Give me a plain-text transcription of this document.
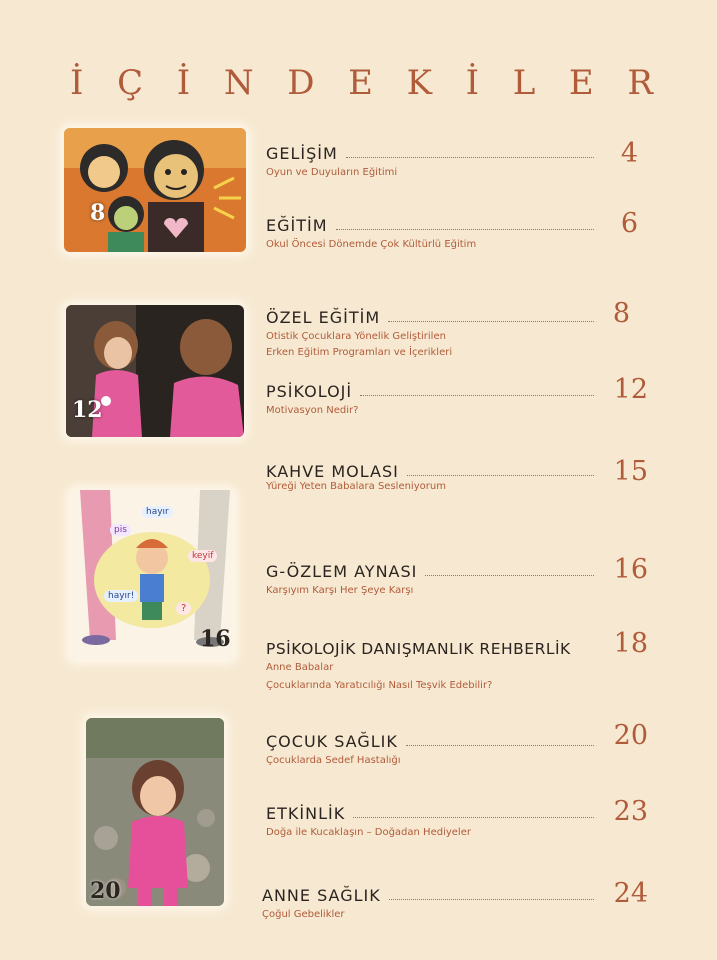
İ Ç İ N D E K İ L E R
8
12
hayır
pis
keyif
hayır!
?
16
20
GELİŞİM
Oyun ve Duyuların Eğitimi
4
EĞİTİM
Okul Öncesi Dönemde Çok Kültürlü Eğitim
6
ÖZEL EĞİTİM
Otistik Çocuklara Yönelik Geliştirilen
Erken Eğitim Programları ve İçerikleri
8
PSİKOLOJİ
Motivasyon Nedir?
12
KAHVE MOLASI
Yüreği Yeten Babalara Sesleniyorum	15
G-ÖZLEM AYNASI
Karşıyım Karşı Her Şeye Karşı
16
PSİKOLOJİK DANIŞMANLIK REHBERLİK
Anne Babalar
Çocuklarında Yaratıcılığı Nasıl Teşvik Edebilir?
18
ÇOCUK SAĞLIK
Çocuklarda Sedef Hastalığı
20
ETKİNLİK
Doğa ile Kucaklaşın – Doğadan Hediyeler
23
ANNE SAĞLIK
Çoğul Gebelikler
24
